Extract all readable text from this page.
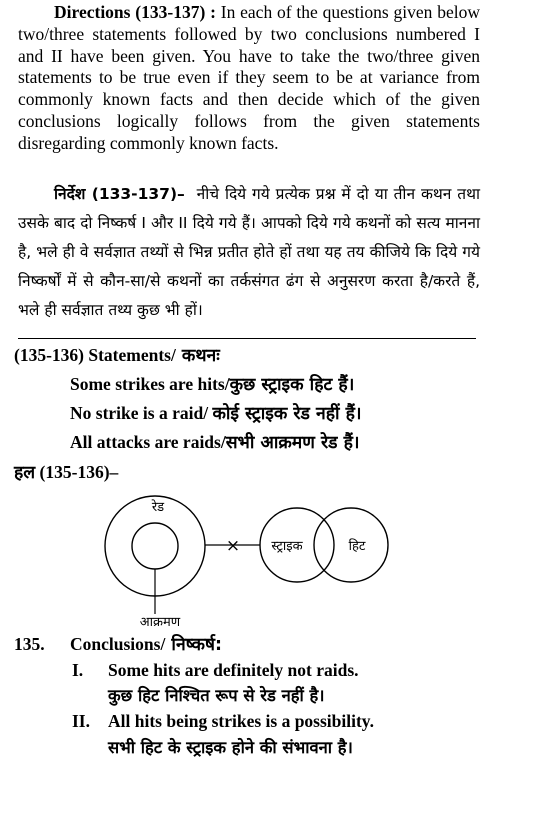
Directions (133-137) : In each of the questions given below two/three statements followed by two conclusions numbered I and II have been given. You have to take the two/three given statements to be true even if they seem to be at variance from commonly known facts and then decide which of the given conclusions logically follows from the given statements disregarding commonly known facts.

निर्देश (133-137)– नीचे दिये गये प्रत्येक प्रश्न में दो या तीन कथन तथा उसके बाद दो निष्कर्ष I और II दिये गये हैं। आपको दिये गये कथनों को सत्य मानना है, भले ही वे सर्वज्ञात तथ्यों से भिन्न प्रतीत होते हों तथा यह तय कीजिये कि दिये गये निष्कर्षों में से कौन-सा/से कथनों का तर्कसंगत ढंग से अनुसरण करता है/करते हैं, भले ही सर्वज्ञात तथ्य कुछ भी हों।

(135-136) Statements/ कथनः
Some strikes are hits/कुछ स्ट्राइक हिट हैं।
No strike is a raid/ कोई स्ट्राइक रेड नहीं हैं।
All attacks are raids/सभी आक्रमण रेड हैं।
हल (135-136)–
×
रेड
आक्रमण
स्ट्राइक	हिट
135. Conclusions/ निष्कर्ष:
I. Some hits are definitely not raids.
कुछ हिट निश्चित रूप से रेड नहीं है।
II. All hits being strikes is a possibility.
सभी हिट के स्ट्राइक होने की संभावना है।
